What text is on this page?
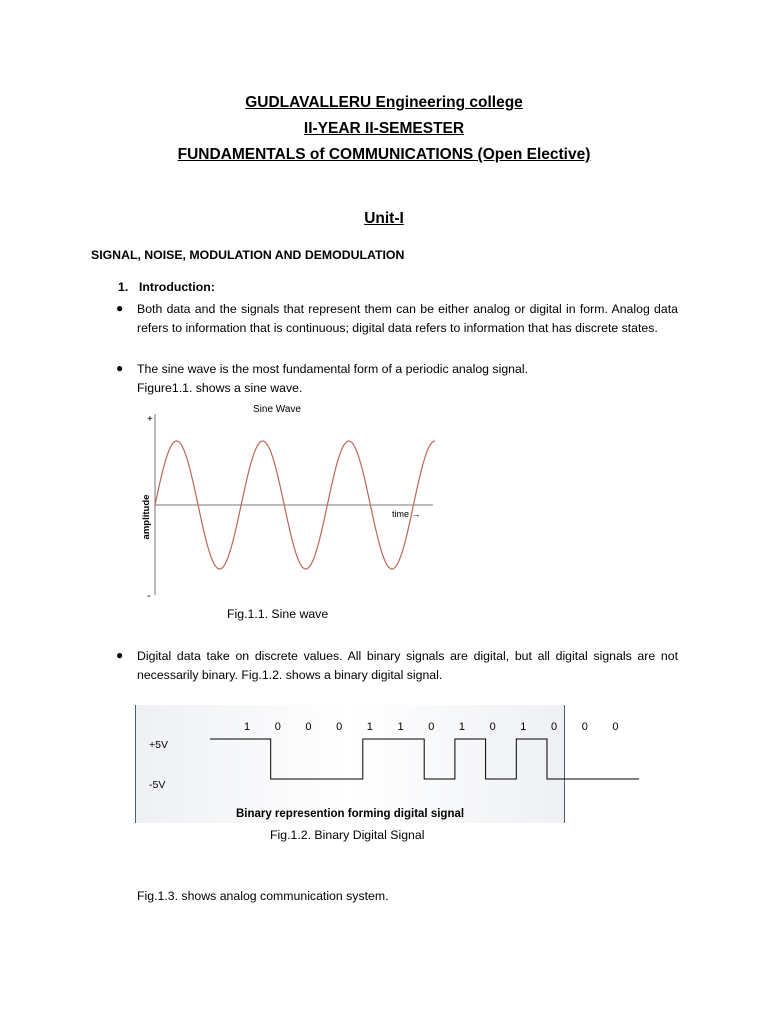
GUDLAVALLERU Engineering college
II-YEAR II-SEMESTER
FUNDAMENTALS of COMMUNICATIONS (Open Elective)
Unit-I
SIGNAL, NOISE, MODULATION AND DEMODULATION
1. Introduction:
● Both data and the signals that represent them can be either analog or digital in form. Analog data refers to information that is continuous; digital data refers to information that has discrete states.
● The sine wave is the most fundamental form of a periodic analog signal.
Figure1.1. shows a sine wave.
+
-
Sine Wave
amplitude	time →
Fig.1.1. Sine wave
● Digital data take on discrete values. All binary signals are digital, but all digital signals are not necessarily binary. Fig.1.2. shows a binary digital signal.
+5V
-5V
1 0 0 0 1 1 0 1 0 1 0 0 0
Binary represention forming digital signal
Fig.1.2. Binary Digital Signal
Fig.1.3. shows analog communication system.
